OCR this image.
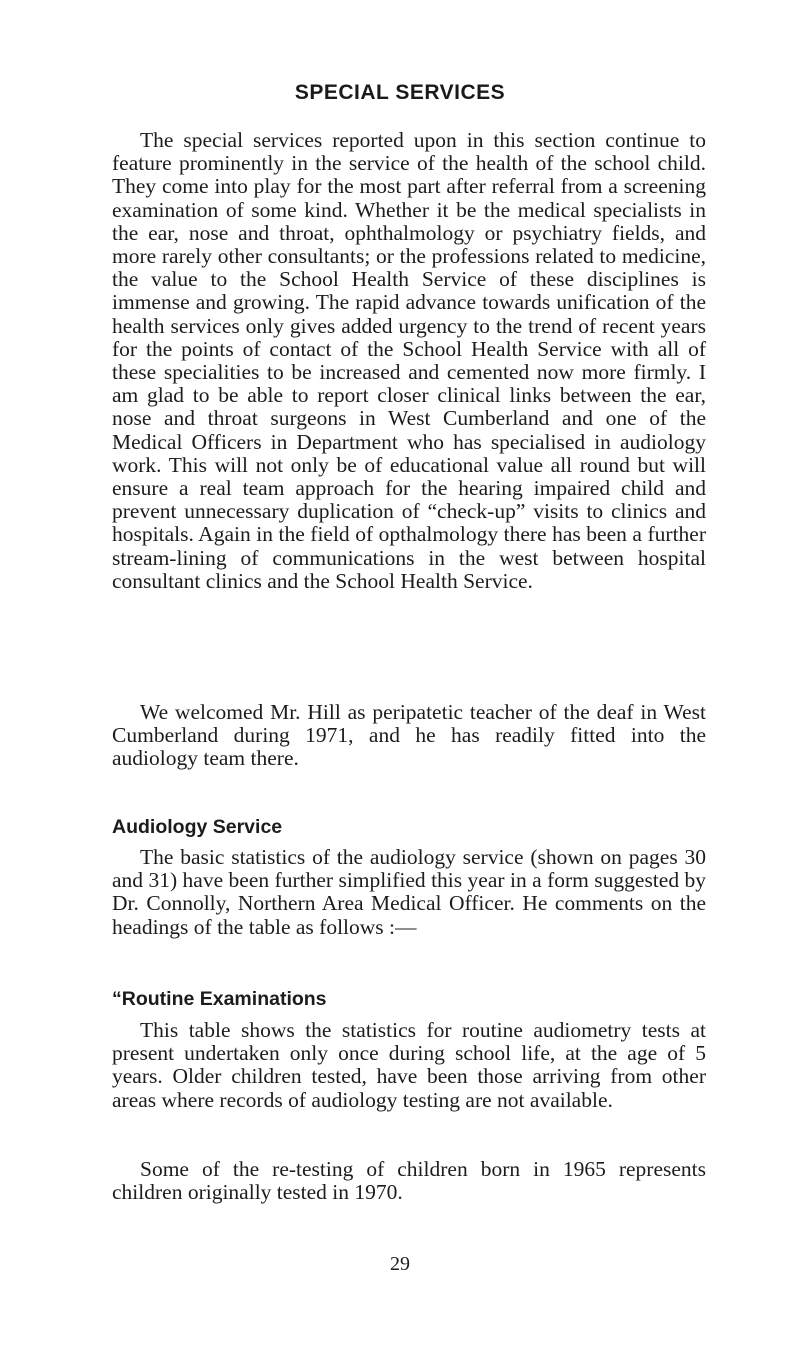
SPECIAL SERVICES

The special services reported upon in this section continue to feature prominently in the service of the health of the school child. They come into play for the most part after referral from a screening examination of some kind. Whether it be the medical specialists in the ear, nose and throat, ophthalmology or psychiatry fields, and more rarely other consultants; or the professions related to medicine, the value to the School Health Service of these disciplines is immense and growing. The rapid advance towards unification of the health services only gives added urgency to the trend of recent years for the points of contact of the School Health Service with all of these specialities to be increased and cemented now more firmly. I am glad to be able to report closer clinical links between the ear, nose and throat surgeons in West Cumberland and one of the Medical Officers in Department who has specialised in audiology work. This will not only be of educational value all round but will ensure a real team approach for the hearing impaired child and prevent unnecessary duplication of “check-up” visits to clinics and hospitals. Again in the field of opthalmology there has been a further stream-lining of communications in the west between hospital consultant clinics and the School Health Service.

We welcomed Mr. Hill as peripatetic teacher of the deaf in West Cumberland during 1971, and he has readily fitted into the audiology team there.

Audiology Service

The basic statistics of the audiology service (shown on pages 30 and 31) have been further simplified this year in a form suggested by Dr. Connolly, Northern Area Medical Officer. He comments on the headings of the table as follows :—

“Routine Examinations

This table shows the statistics for routine audiometry tests at present undertaken only once during school life, at the age of 5 years. Older children tested, have been those arriving from other areas where records of audiology testing are not available.

Some of the re-testing of children born in 1965 represents children originally tested in 1970.

29
